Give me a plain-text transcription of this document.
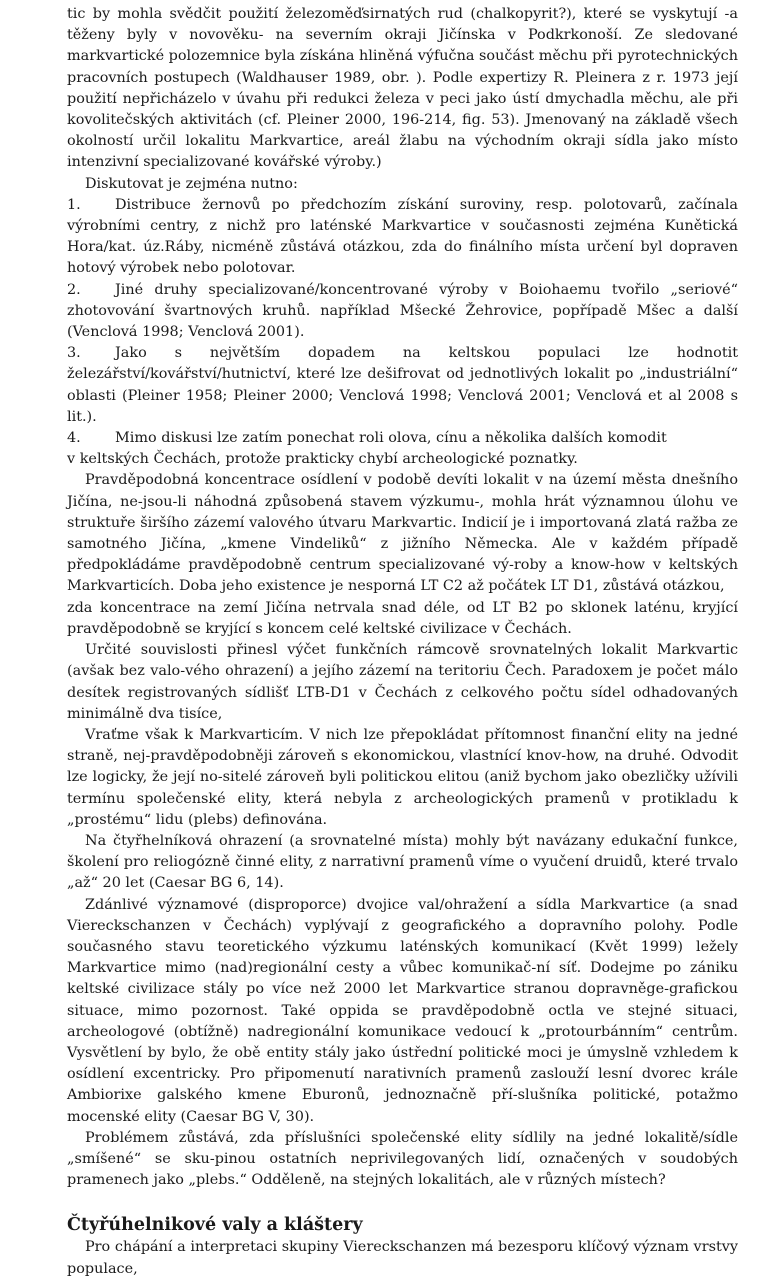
tic by mohla svědčit použití železoměďsirnatých rud (chalkopyrit?), které se vyskytují -a těženy byly v novověku- na severním okraji Jičínska v Podkrkonoší. Ze sledované markvartické polozemnice byla získána hliněná výfučna součást měchu při pyrotechnických pracovních postupech (Waldhauser 1989, obr. ). Podle expertizy R. Pleinera z r. 1973 její použití nepřicházelo v úvahu při redukci železa v peci jako ústí dmychadla měchu, ale při kovolitečských aktivitách (cf. Pleiner 2000, 196-214, fig. 53). Jmenovaný na základě všech okolností určil lokalitu Markvartice, areál žlabu na východním okraji sídla jako místo intenzivní specializované kovářské výroby.)

Diskutovat je zejména nutno:

1. Distribuce žernovů po předchozím získání suroviny, resp. polotovarů, začínala výrobními centry, z nichž pro laténské Markvartice v současnosti zejména Kunětická Hora/kat. úz.Ráby, nicméně zůstává otázkou, zda do finálního místa určení byl dopraven hotový výrobek nebo polotovar.

2. Jiné druhy specializované/koncentrované výroby v Boiohaemu tvořilo „seriové“ zhotovování švartnových kruhů. například Mšecké Žehrovice, popřípadě Mšec a další (Venclová 1998; Venclová 2001).

3. Jako s největším dopadem na keltskou populaci lze hodnotit železářství/kovářství/hutnictví, které lze dešifrovat od jednotlivých lokalit po „industriální“ oblasti (Pleiner 1958; Pleiner 2000; Venclová 1998; Venclová 2001; Venclová et al 2008 s lit.).

4. Mimo diskusi lze zatím ponechat roli olova, cínu a několika dalších komodit

v keltských Čechách, protože prakticky chybí archeologické poznatky.

Pravděpodobná koncentrace osídlení v podobě devíti lokalit v na území města dnešního Jičína, ne-jsou-li náhodná způsobená stavem výzkumu-, mohla hrát významnou úlohu ve struktuře širšího zázemí valového útvaru Markvartic. Indicií je i importovaná zlatá ražba ze samotného Jičína, „kmene Vindeliků“ z jižního Německa. Ale v každém případě předpokládáme pravděpodobně centrum specializované vý-roby a know-how v keltských Markvarticích. Doba jeho existence je nesporná LT C2 až počátek LT D1, zůstává otázkou,

zda koncentrace na zemí Jičína netrvala snad déle, od LT B2 po sklonek laténu, kryjící pravděpodobně se kryjící s koncem celé keltské civilizace v Čechách.

Určité souvislosti přinesl výčet funkčních rámcově srovnatelných lokalit Markvartic (avšak bez valo-vého ohrazení) a jejího zázemí na teritoriu Čech. Paradoxem je počet málo desítek registrovaných sídlišť LTB-D1 v Čechách z celkového počtu sídel odhadovaných minimálně dva tisíce,

Vraťme však k Markvarticím. V nich lze přepokládat přítomnost finanční elity na jedné straně, nej-pravděpodobněji zároveň s ekonomickou, vlastnící knov-how, na druhé. Odvodit lze logicky, že její no-sitelé zároveň byli politickou elitou (aniž bychom jako obezličky užívili termínu společenské elity, která nebyla z archeologických pramenů v protikladu k „prostému“ lidu (plebs) definována.

Na čtyřhelníková ohrazení (a srovnatelné místa) mohly být navázany edukační funkce, školení pro reliogózně činné elity, z narrativní pramenů víme o vyučení druidů, které trvalo „až“ 20 let (Caesar BG 6, 14).

Zdánlivé významové (disproporce) dvojice val/ohražení a sídla Markvartice (a snad Viereckschanzen v Čechách) vyplývají z geografického a dopravního polohy. Podle současného stavu teoretického výzkumu laténských komunikací (Květ 1999) ležely Markvartice mimo (nad)regionální cesty a vůbec komunikač-ní síť. Dodejme po zániku keltské civilizace stály po více než 2000 let Markvartice stranou dopravněge-grafickou situace, mimo pozornost. Také oppida se pravděpodobně octla ve stejné situaci, archeologové (obtížně) nadregionální komunikace vedoucí k „protourbánním“ centrům. Vysvětlení by bylo, že obě entity stály jako ústřední politické moci je úmyslně vzhledem k osídlení excentricky. Pro připomenutí narativních pramenů zaslouží lesní dvorec krále Ambiorixe galského kmene Eburonů, jednoznačně pří-slušníka politické, potažmo mocenské elity (Caesar BG V, 30).

Problémem zůstává, zda příslušníci společenské elity sídlily na jedné lokalitě/sídle „smíšené“ se sku-pinou ostatních neprivilegovaných lidí, označených v soudobých pramenech jako „plebs.“ Odděleně, na stejných lokalitách, ale v různých místech?

Čtyřúhelnikové valy a kláštery

Pro chápání a interpretaci skupiny Viereckschanzen má bezesporu klíčový význam vrstvy populace,
